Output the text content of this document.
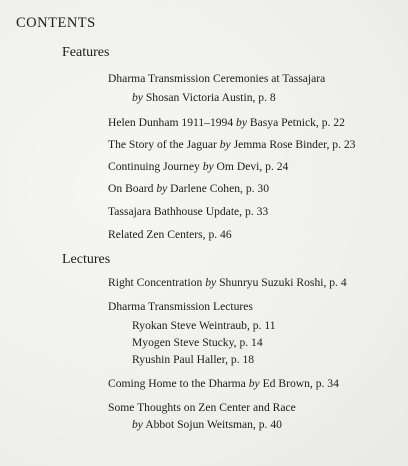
CONTENTS
Features
Dharma Transmission Ceremonies at Tassajara
by Shosan Victoria Austin, p. 8
Helen Dunham 1911–1994 by Basya Petnick, p. 22
The Story of the Jaguar by Jemma Rose Binder, p. 23
Continuing Journey by Om Devi, p. 24
On Board by Darlene Cohen, p. 30
Tassajara Bathhouse Update, p. 33
Related Zen Centers, p. 46
Lectures
Right Concentration by Shunryu Suzuki Roshi, p. 4
Dharma Transmission Lectures
Ryokan Steve Weintraub, p. 11
Myogen Steve Stucky, p. 14
Ryushin Paul Haller, p. 18
Coming Home to the Dharma by Ed Brown, p. 34
Some Thoughts on Zen Center and Race
by Abbot Sojun Weitsman, p. 40
